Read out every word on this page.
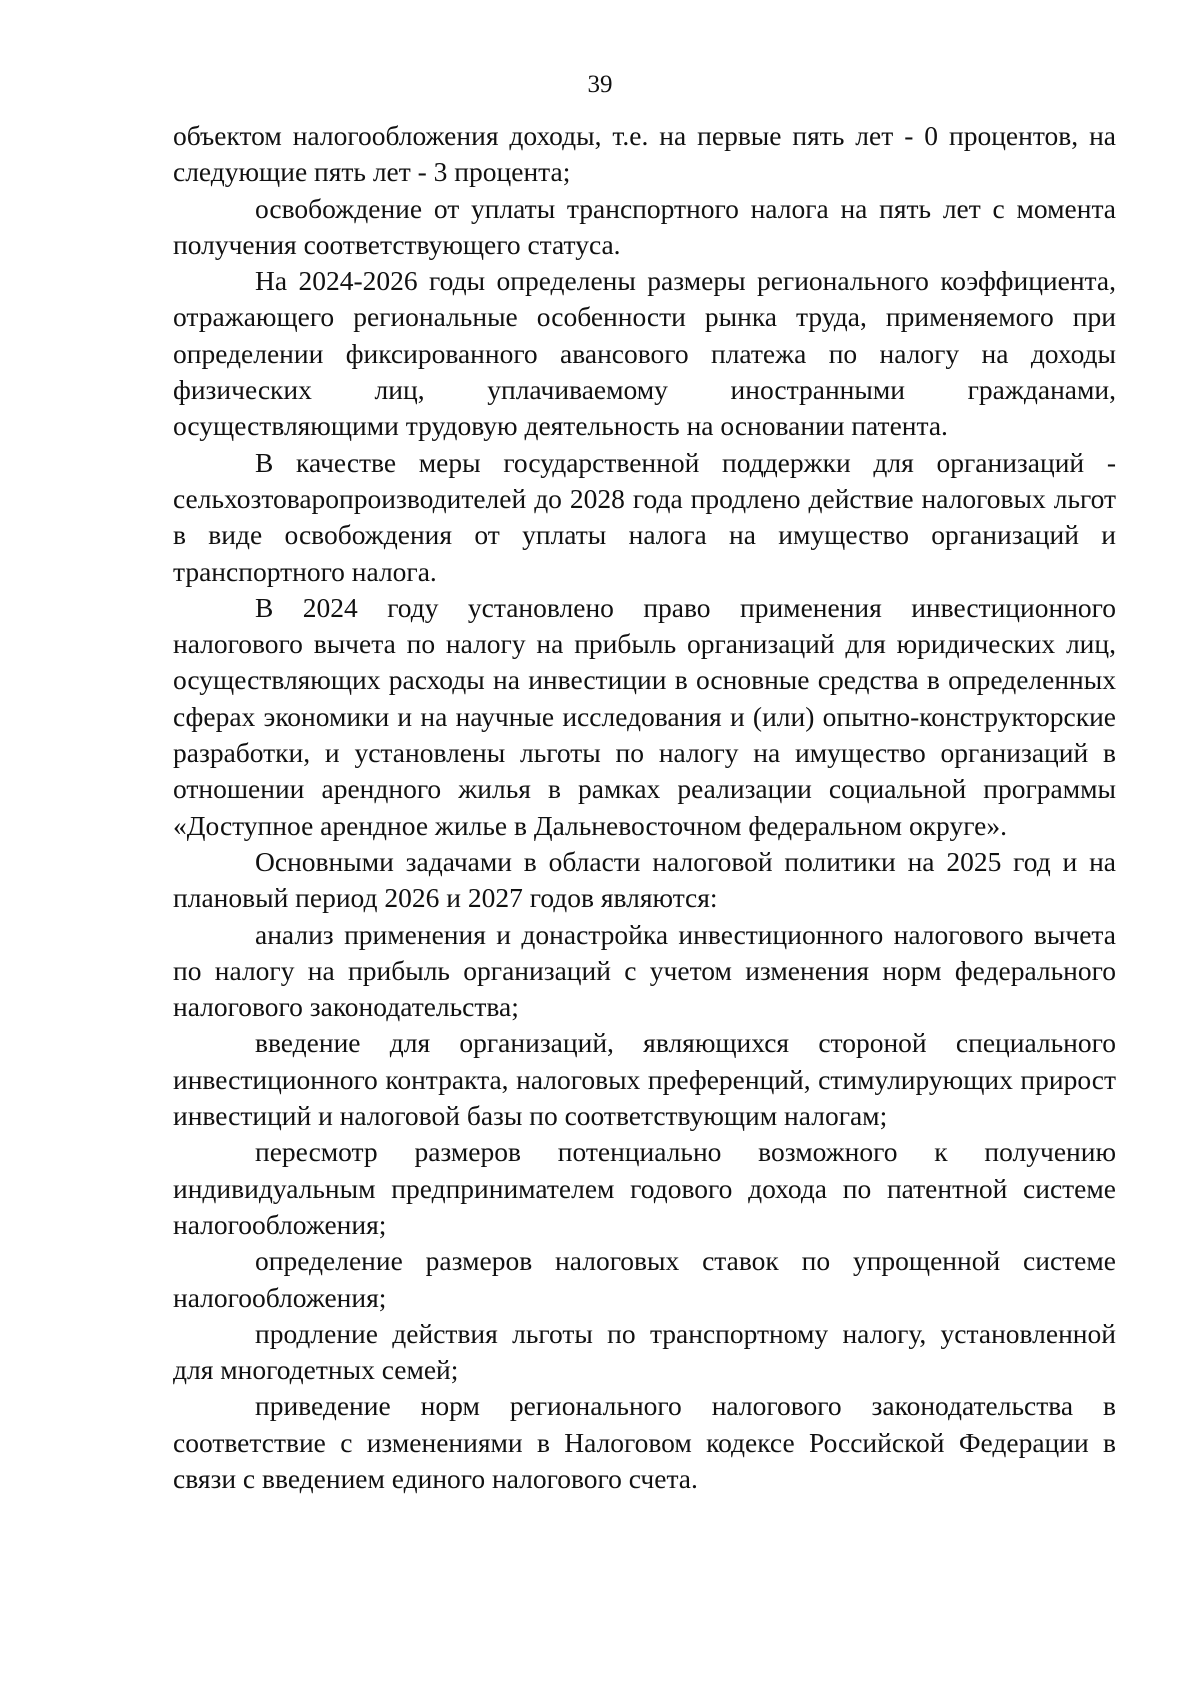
39

объектом налогообложения доходы, т.е. на первые пять лет - 0 процентов, на следующие пять лет - 3 процента;

освобождение от уплаты транспортного налога на пять лет с момента получения соответствующего статуса.

На 2024-2026 годы определены размеры регионального коэффициента, отражающего региональные особенности рынка труда, применяемого при определении фиксированного авансового платежа по налогу на доходы физических лиц, уплачиваемому иностранными гражданами, осуществляющими трудовую деятельность на основании патента.

В качестве меры государственной поддержки для организаций - сельхозтоваропроизводителей до 2028 года продлено действие налоговых льгот в виде освобождения от уплаты налога на имущество организаций и транспортного налога.

В 2024 году установлено право применения инвестиционного налогового вычета по налогу на прибыль организаций для юридических лиц, осуществляющих расходы на инвестиции в основные средства в определенных сферах экономики и на научные исследования и (или) опытно-конструкторские разработки, и установлены льготы по налогу на имущество организаций в отношении арендного жилья в рамках реализации социальной программы «Доступное арендное жилье в Дальневосточном федеральном округе».

Основными задачами в области налоговой политики на 2025 год и на плановый период 2026 и 2027 годов являются:

анализ применения и донастройка инвестиционного налогового вычета по налогу на прибыль организаций с учетом изменения норм федерального налогового законодательства;

введение для организаций, являющихся стороной специального инвестиционного контракта, налоговых преференций, стимулирующих прирост инвестиций и налоговой базы по соответствующим налогам;

пересмотр размеров потенциально возможного к получению индивидуальным предпринимателем годового дохода по патентной системе налогообложения;

определение размеров налоговых ставок по упрощенной системе налогообложения;

продление действия льготы по транспортному налогу, установленной для многодетных семей;

приведение норм регионального налогового законодательства в соответствие с изменениями в Налоговом кодексе Российской Федерации в связи с введением единого налогового счета.
